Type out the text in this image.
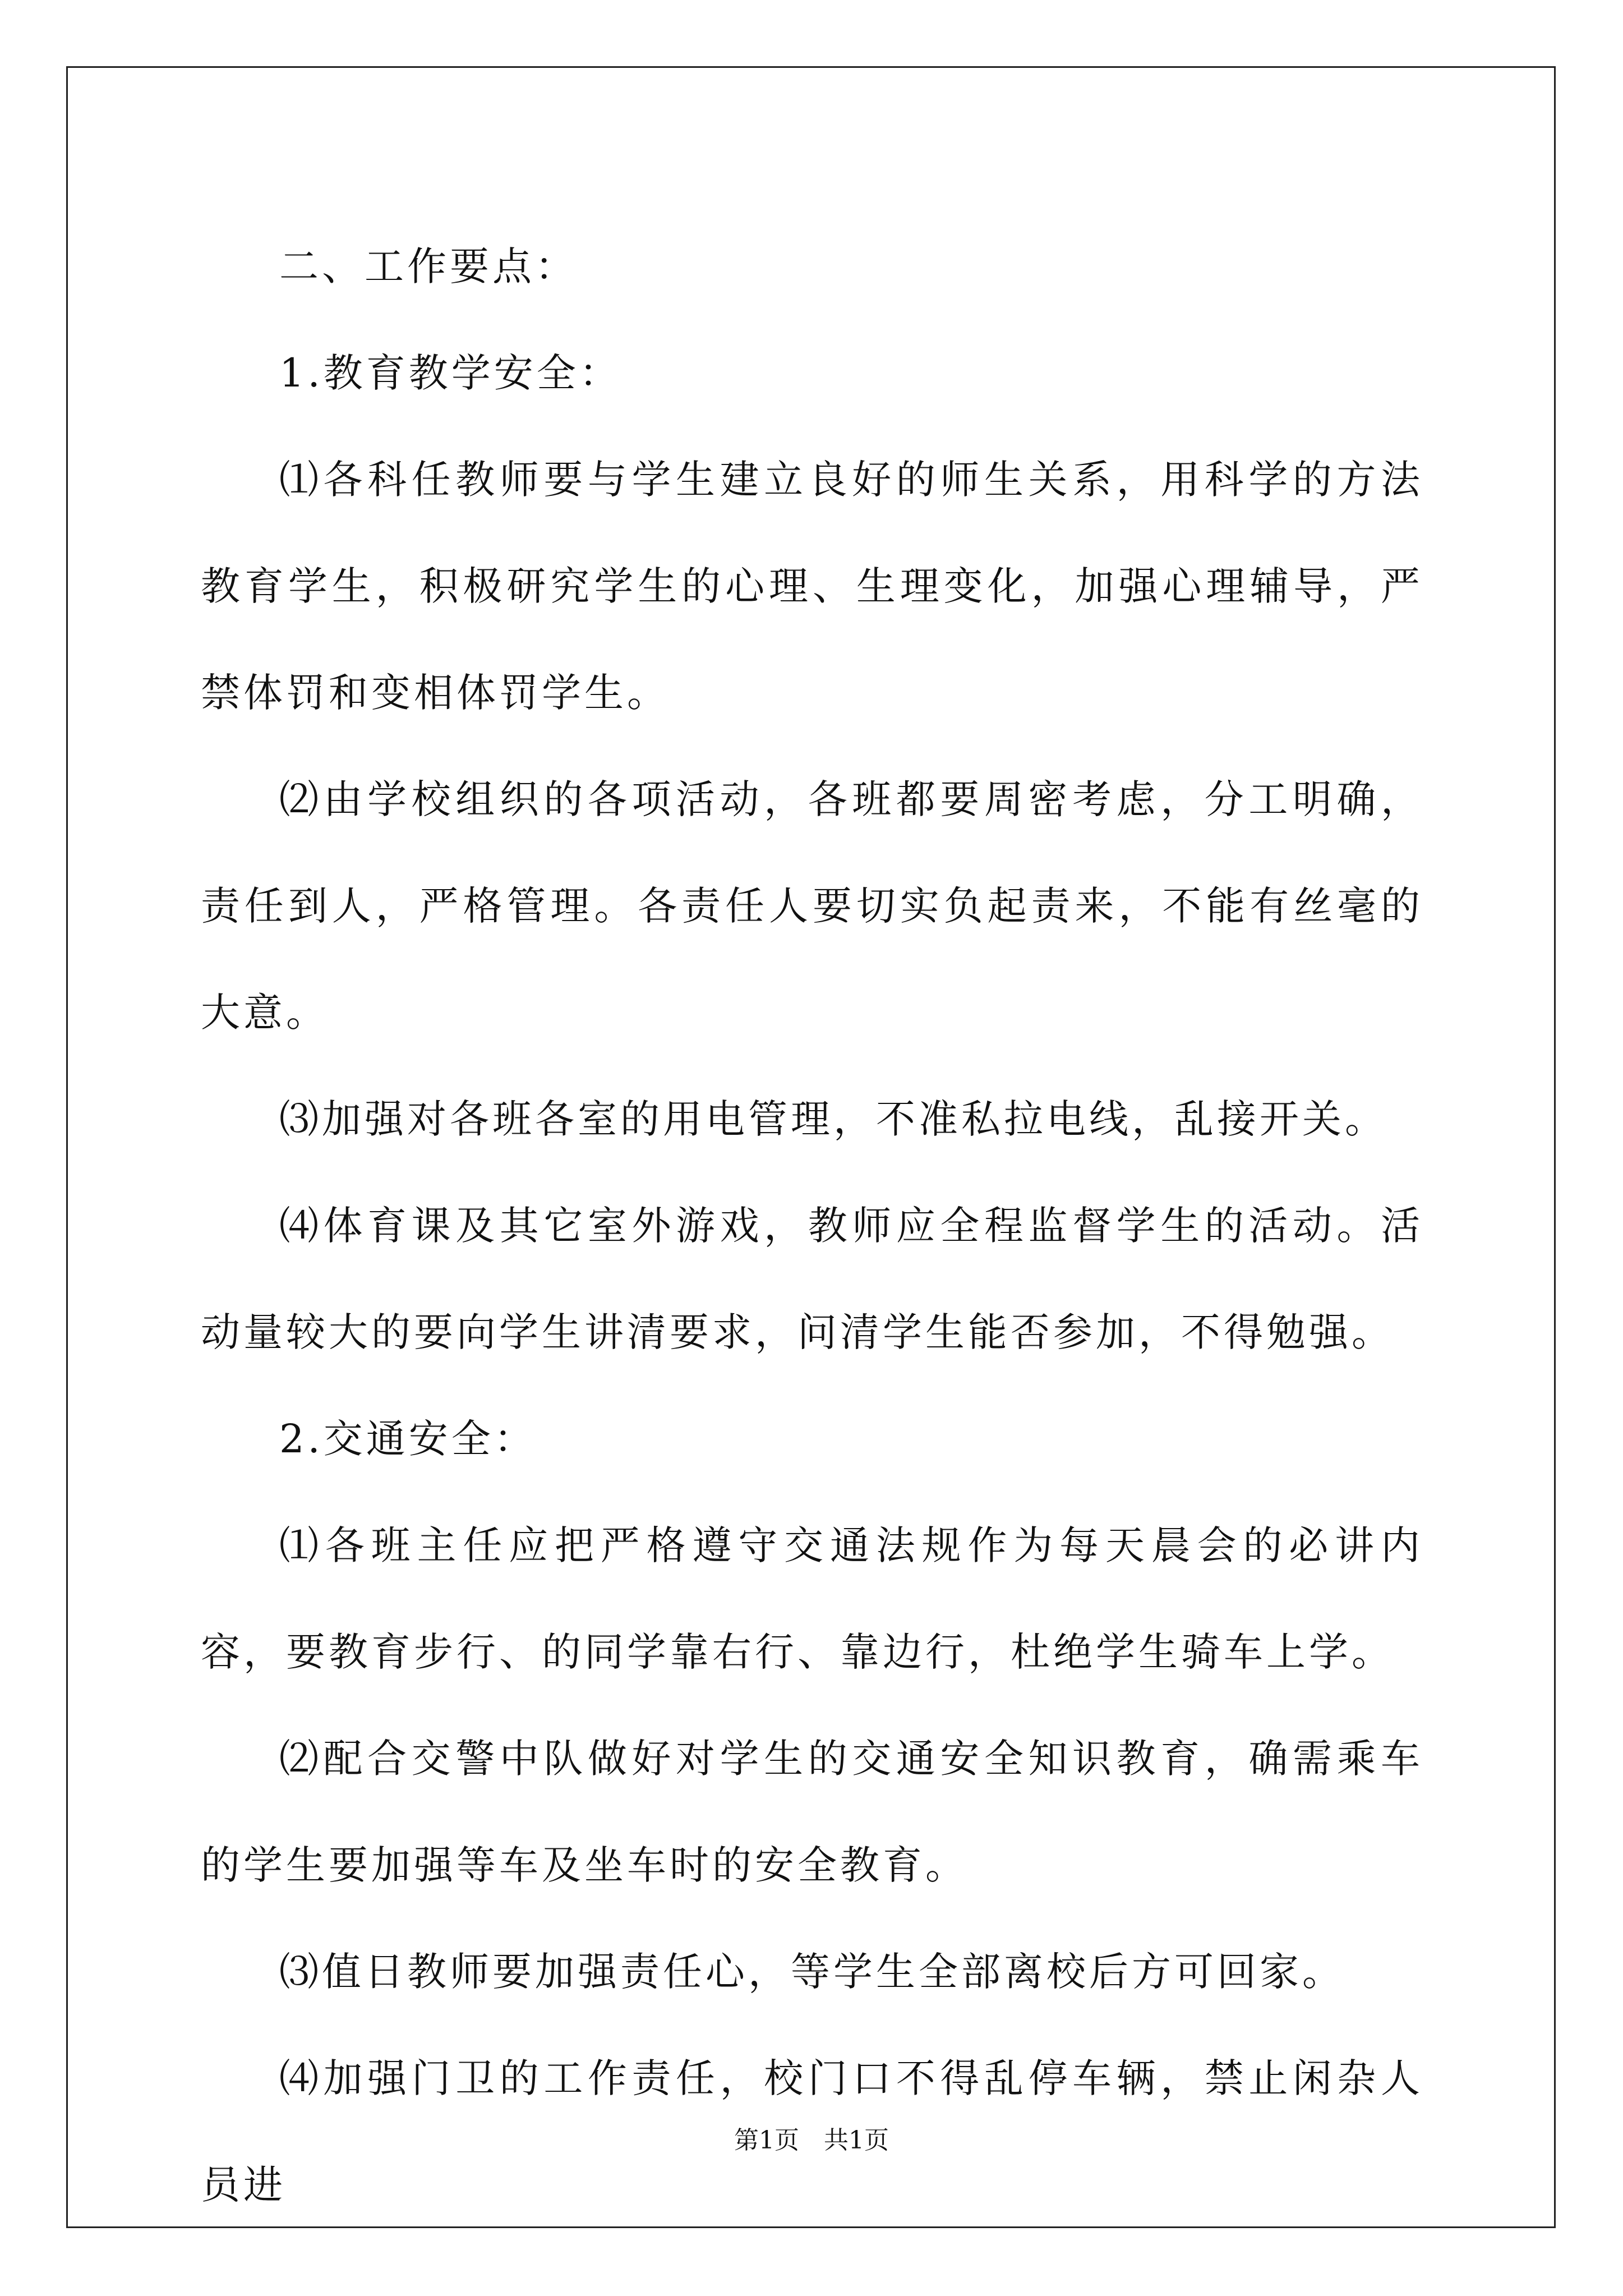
二、工作要点：

1.教育教学安全：

⑴各科任教师要与学生建立良好的师生关系，用科学的方法教育学生，积极研究学生的心理、生理变化，加强心理辅导，严禁体罚和变相体罚学生。

⑵由学校组织的各项活动，各班都要周密考虑，分工明确，责任到人，严格管理。各责任人要切实负起责来，不能有丝毫的大意。

⑶加强对各班各室的用电管理，不准私拉电线，乱接开关。

⑷体育课及其它室外游戏，教师应全程监督学生的活动。活动量较大的要向学生讲清要求，问清学生能否参加，不得勉强。

2.交通安全：

⑴各班主任应把严格遵守交通法规作为每天晨会的必讲内容，要教育步行、的同学靠右行、靠边行，杜绝学生骑车上学。

⑵配合交警中队做好对学生的交通安全知识教育，确需乘车的学生要加强等车及坐车时的安全教育。

⑶值日教师要加强责任心，等学生全部离校后方可回家。

⑷加强门卫的工作责任，校门口不得乱停车辆，禁止闲杂人员进

第1页　共1页
